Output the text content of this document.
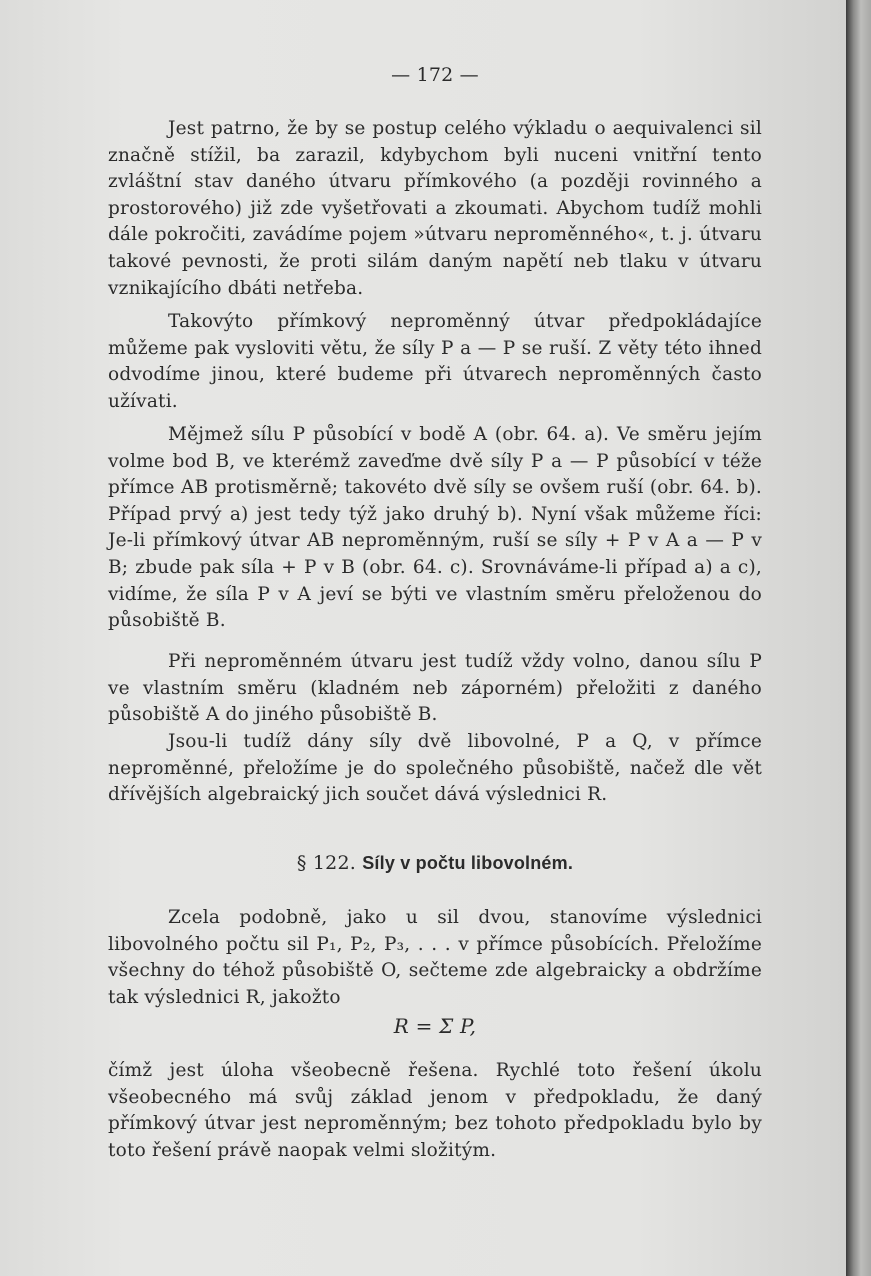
— 172 —

Jest patrno, že by se postup celého výkladu o aequivalenci sil značně stížil, ba zarazil, kdybychom byli nuceni vnitřní tento zvláštní stav daného útvaru přímkového (a později rovinného a prostorového) již zde vyšetřovati a zkoumati. Abychom tudíž mohli dále pokročiti, zavádíme pojem »útvaru neproměnného«, t. j. útvaru takové pevnosti, že proti silám daným napětí neb tlaku v útvaru vznikajícího dbáti netřeba.

Takovýto přímkový neproměnný útvar předpokládajíce můžeme pak vysloviti větu, že síly P a — P se ruší. Z věty této ihned odvodíme jinou, které budeme při útvarech neproměnných často užívati.

Mějmež sílu P působící v bodě A (obr. 64. a). Ve směru jejím volme bod B, ve kterémž zaveďme dvě síly P a — P působící v téže přímce AB protisměrně; takovéto dvě síly se ovšem ruší (obr. 64. b). Případ prvý a) jest tedy týž jako druhý b). Nyní však můžeme říci: Je-li přímkový útvar AB neproměnným, ruší se síly + P v A a — P v B; zbude pak síla + P v B (obr. 64. c). Srovnáváme-li případ a) a c), vidíme, že síla P v A jeví se býti ve vlastním směru přeloženou do působiště B.

Při neproměnném útvaru jest tudíž vždy volno, danou sílu P ve vlastním směru (kladném neb záporném) přeložiti z daného působiště A do jiného působiště B.

Jsou-li tudíž dány síly dvě libovolné, P a Q, v přímce neproměnné, přeložíme je do společného působiště, načež dle vět dřívějších algebraický jich součet dává výslednici R.

§ 122. Síly v počtu libovolném.

Zcela podobně, jako u sil dvou, stanovíme výslednici libovolného počtu sil P₁, P₂, P₃, . . . v přímce působících. Přeložíme všechny do téhož působiště O, sečteme zde algebraicky a obdržíme tak výslednici R, jakožto

R = Σ P,

čímž jest úloha všeobecně řešena. Rychlé toto řešení úkolu všeobecného má svůj základ jenom v předpokladu, že daný přímkový útvar jest neproměnným; bez tohoto předpokladu bylo by toto řešení právě naopak velmi složitým.
